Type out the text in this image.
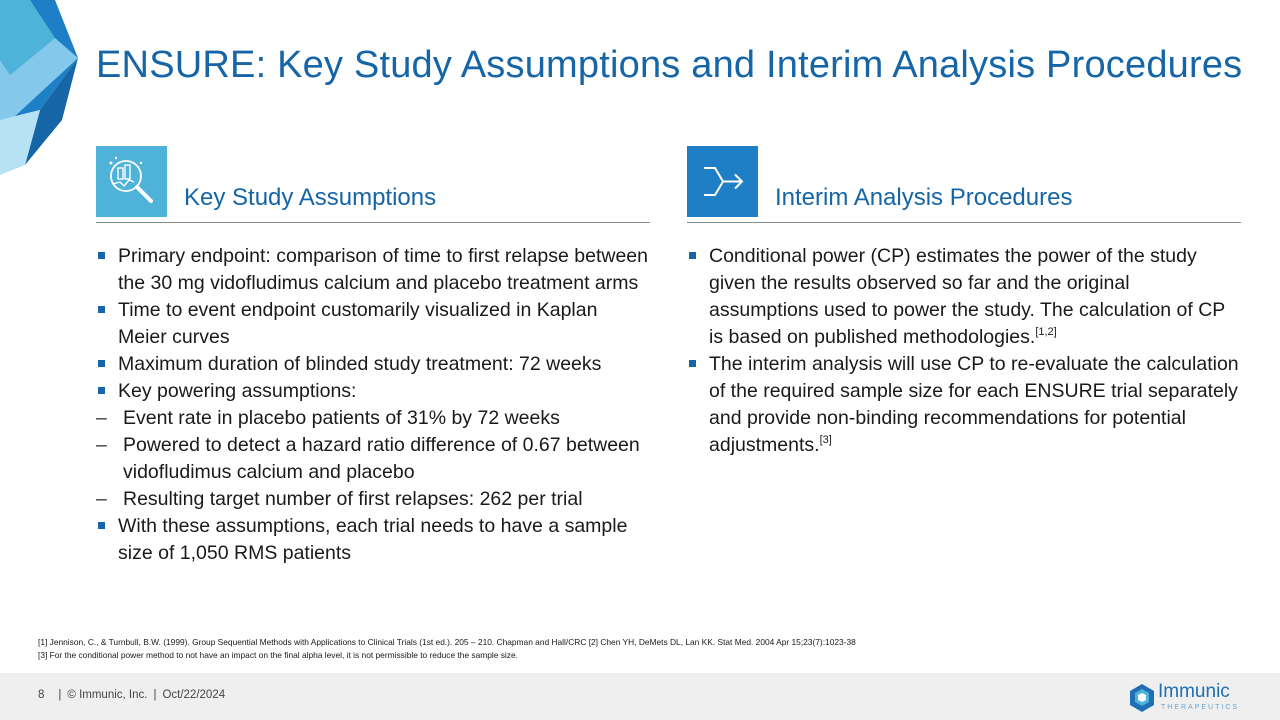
ENSURE: Key Study Assumptions and Interim Analysis Procedures
Key Study Assumptions
Primary endpoint: comparison of time to first relapse between the 30 mg vidofludimus calcium and placebo treatment arms
Time to event endpoint customarily visualized in Kaplan Meier curves
Maximum duration of blinded study treatment: 72 weeks
Key powering assumptions:
– Event rate in placebo patients of 31% by 72 weeks
– Powered to detect a hazard ratio difference of 0.67 between vidofludimus calcium and placebo
– Resulting target number of first relapses: 262 per trial
With these assumptions, each trial needs to have a sample size of 1,050 RMS patients
Interim Analysis Procedures
Conditional power (CP) estimates the power of the study given the results observed so far and the original assumptions used to power the study. The calculation of CP is based on published methodologies.[1,2]
The interim analysis will use CP to re-evaluate the calculation of the required sample size for each ENSURE trial separately and provide non-binding recommendations for potential adjustments.[3]
[1] Jennison, C., & Turnbull, B.W. (1999). Group Sequential Methods with Applications to Clinical Trials (1st ed.). 205 – 210. Chapman and Hall/CRC [2] Chen YH, DeMets DL, Lan KK. Stat Med. 2004 Apr 15;23(7):1023-38
[3] For the conditional power method to not have an impact on the final alpha level, it is not permissible to reduce the sample size.
8 | © Immunic, Inc. | Oct/22/2024	Immunic
THERAPEUTICS
